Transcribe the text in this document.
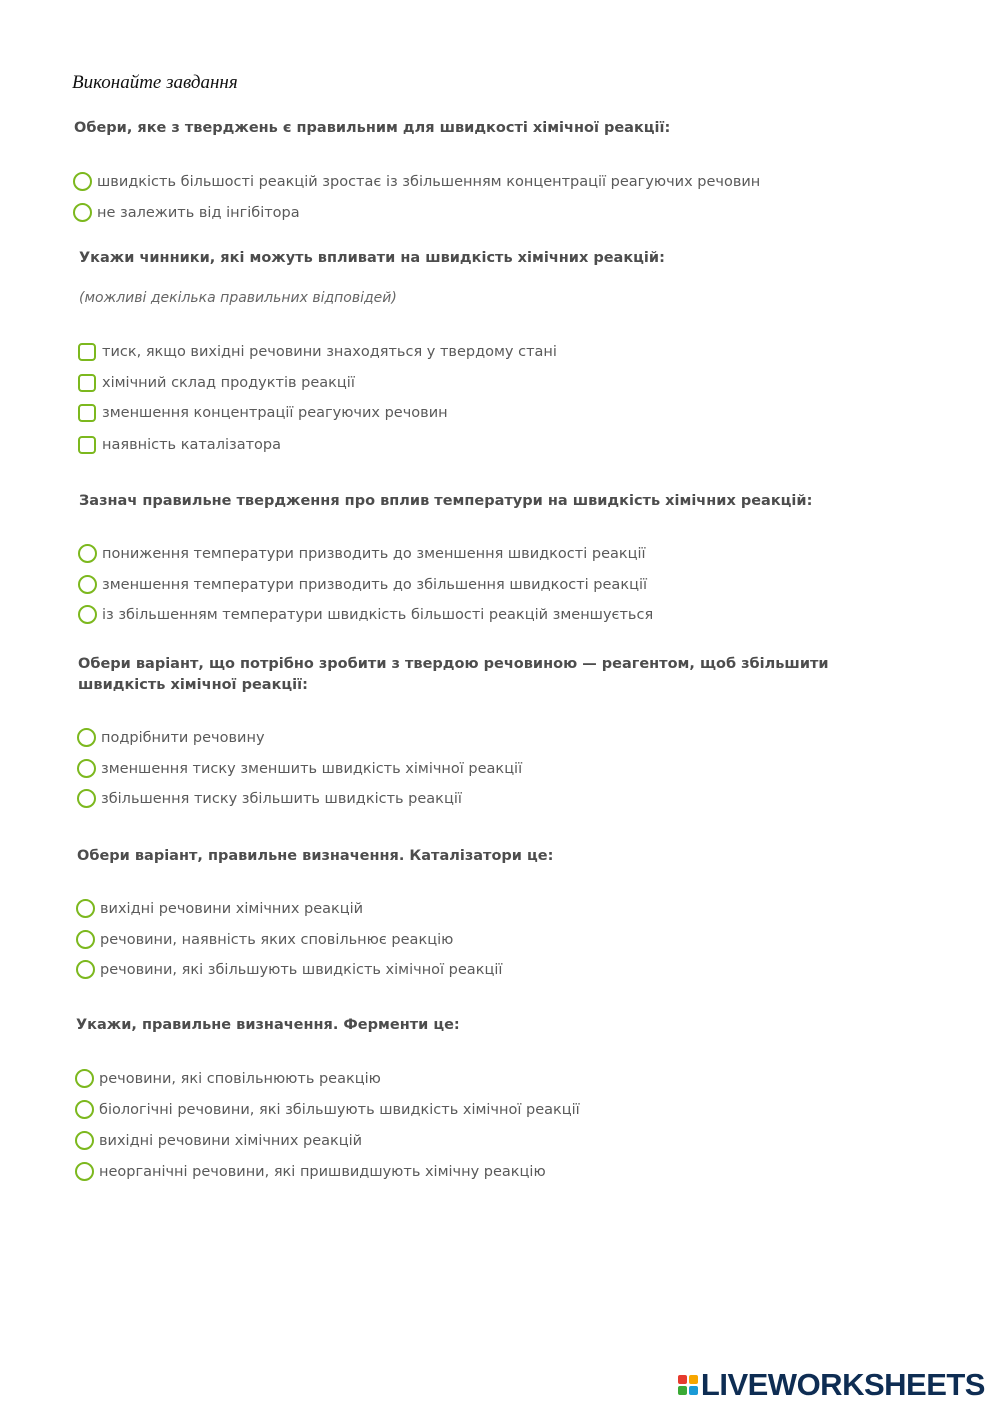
Виконайте завдання
Обери, яке з тверджень є правильним для швидкості хімічної реакції:
швидкість більшості реакцій зростає із збільшенням концентрації реагуючих речовин
не залежить від інгібітора
Укажи чинники, які можуть впливати на швидкість хімічних реакцій:
(можливі декілька правильних відповідей)
тиск, якщо вихідні речовини знаходяться у твердому стані
хімічний склад продуктів реакції
зменшення концентрації реагуючих речовин
наявність каталізатора
Зазнач правильне твердження про вплив температури на швидкість хімічних реакцій:
пониження температури призводить до зменшення швидкості реакції
зменшення температури призводить до збільшення швидкості реакції
із збільшенням температури швидкість більшості реакцій зменшується
Обери варіант, що потрібно зробити з твердою речовиною — реагентом, щоб збільшити швидкість хімічної реакції:
подрібнити речовину
зменшення тиску зменшить швидкість хімічної реакції
збільшення тиску збільшить швидкість реакції
Обери варіант, правильне визначення. Каталізатори це:
вихідні речовини хімічних реакцій
речовини, наявність яких сповільнює реакцію
речовини, які збільшують швидкість хімічної реакції
Укажи, правильне визначення. Ферменти це:
речовини, які сповільнюють реакцію
біологічні речовини, які збільшують швидкість хімічної реакції
вихідні речовини хімічних реакцій
неорганічні речовини, які пришвидшують хімічну реакцію
LIVEWORKSHEETS
